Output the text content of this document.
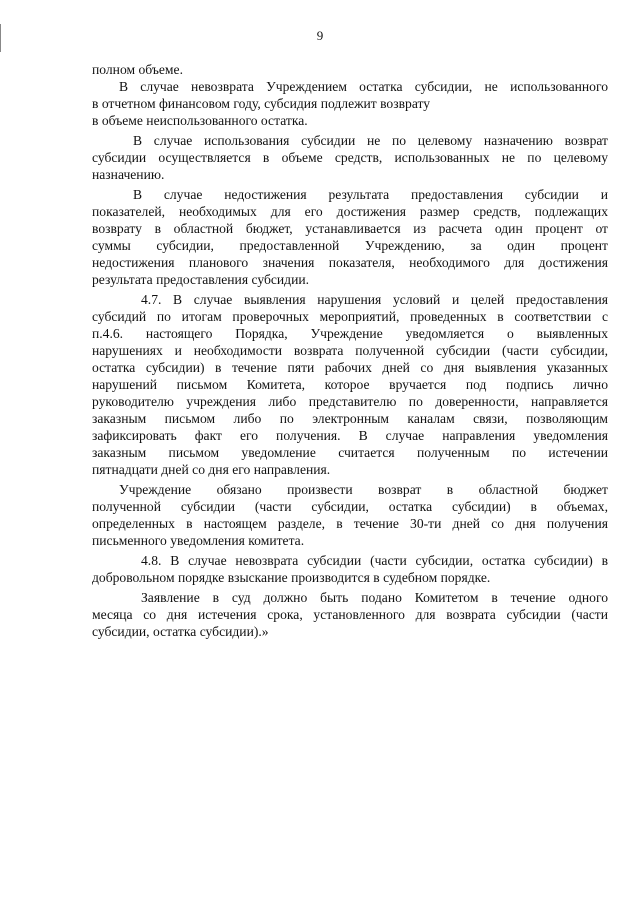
9
полном объеме.
В случае невозврата Учреждением остатка субсидии, не использованного
в отчетном финансовом году, субсидия подлежит возврату
в объеме неиспользованного остатка.
В случае использования субсидии не по целевому назначению возврат
субсидии осуществляется в объеме средств, использованных не по целевому
назначению.
В случае недостижения результата предоставления субсидии и
показателей, необходимых для его достижения размер средств, подлежащих
возврату в областной бюджет, устанавливается из расчета один процент от
суммы субсидии, предоставленной Учреждению, за один процент
недостижения планового значения показателя, необходимого для достижения
результата предоставления субсидии.
4.7. В случае выявления нарушения условий и целей предоставления
субсидий по итогам проверочных мероприятий, проведенных в соответствии с
п.4.6. настоящего Порядка, Учреждение уведомляется о выявленных
нарушениях и необходимости возврата полученной субсидии (части субсидии,
остатка субсидии) в течение пяти рабочих дней со дня выявления указанных
нарушений письмом Комитета, которое вручается под подпись лично
руководителю учреждения либо представителю по доверенности, направляется
заказным письмом либо по электронным каналам связи, позволяющим
зафиксировать факт его получения. В случае направления уведомления
заказным письмом уведомление считается полученным по истечении
пятнадцати дней со дня его направления.
Учреждение обязано произвести возврат в областной бюджет
полученной субсидии (части субсидии, остатка субсидии) в объемах,
определенных в настоящем разделе, в течение 30-ти дней со дня получения
письменного уведомления комитета.
4.8. В случае невозврата субсидии (части субсидии, остатка субсидии) в
добровольном порядке взыскание производится в судебном порядке.
Заявление в суд должно быть подано Комитетом в течение одного
месяца со дня истечения срока, установленного для возврата субсидии (части
субсидии, остатка субсидии).»
